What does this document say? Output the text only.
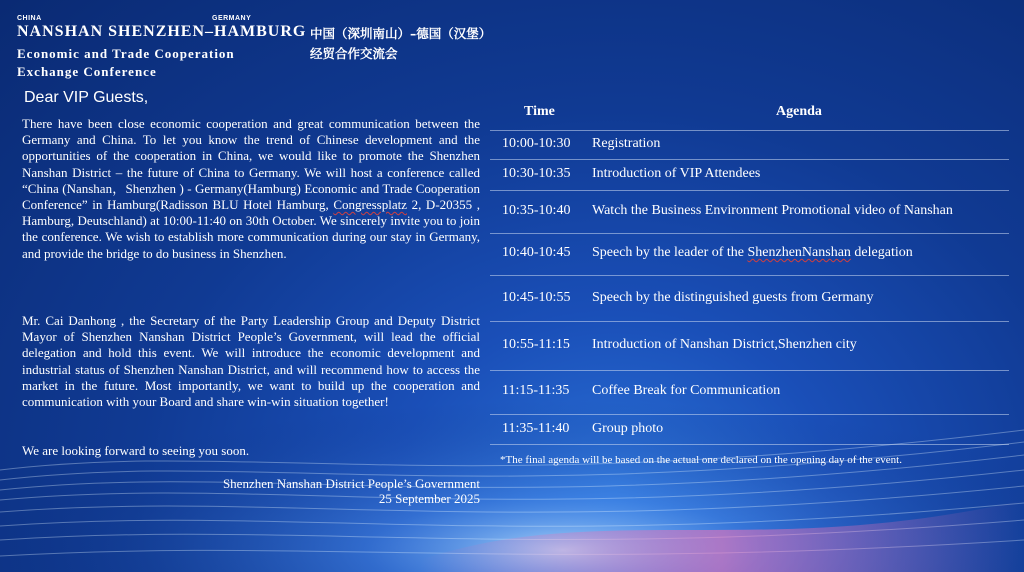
CHINA	GERMANY
NANSHAN SHENZHEN–HAMBURG
Economic and Trade Cooperation
Exchange Conference
中国（深圳南山）–德国（汉堡）
经贸合作交流会
Dear VIP Guests,

There have been close economic cooperation and great communication between the Germany and China. To let you know the trend of Chinese development and the opportunities of the cooperation in China, we would like to promote the Shenzhen Nanshan District – the future of China to Germany. We will host a conference called “China (Nanshan，Shenzhen ) - Germany(Hamburg) Economic and Trade Cooperation Conference” in Hamburg(Radisson BLU Hotel Hamburg, Congressplatz 2, D-20355 , Hamburg, Deutschland) at 10:00-11:40 on 30th October. We sincerely invite you to join the conference. We wish to establish more communication during our stay in Germany, and provide the bridge to do business in Shenzhen.

Mr. Cai Danhong , the Secretary of the Party Leadership Group and Deputy District Mayor of Shenzhen Nanshan District People’s Government, will lead the official delegation and hold this event. We will introduce the economic development and industrial status of Shenzhen Nanshan District, and will recommend how to access the market in the future. Most importantly, we want to build up the cooperation and communication with your Board and share win-win situation together!

We are looking forward to seeing you soon.

Shenzhen Nanshan District People’s Government
25 September 2025
Time	Agenda
10:00-10:30 Registration
10:30-10:35 Introduction of VIP Attendees
10:35-10:40 Watch the Business Environment Promotional video of Nanshan
10:40-10:45 Speech by the leader of the ShenzhenNanshan delegation
10:45-10:55 Speech by the distinguished guests from Germany
10:55-11:15 Introduction of Nanshan District,Shenzhen city
11:15-11:35 Coffee Break for Communication
11:35-11:40 Group photo
*The final agenda will be based on the actual one declared on the opening day of the event.
